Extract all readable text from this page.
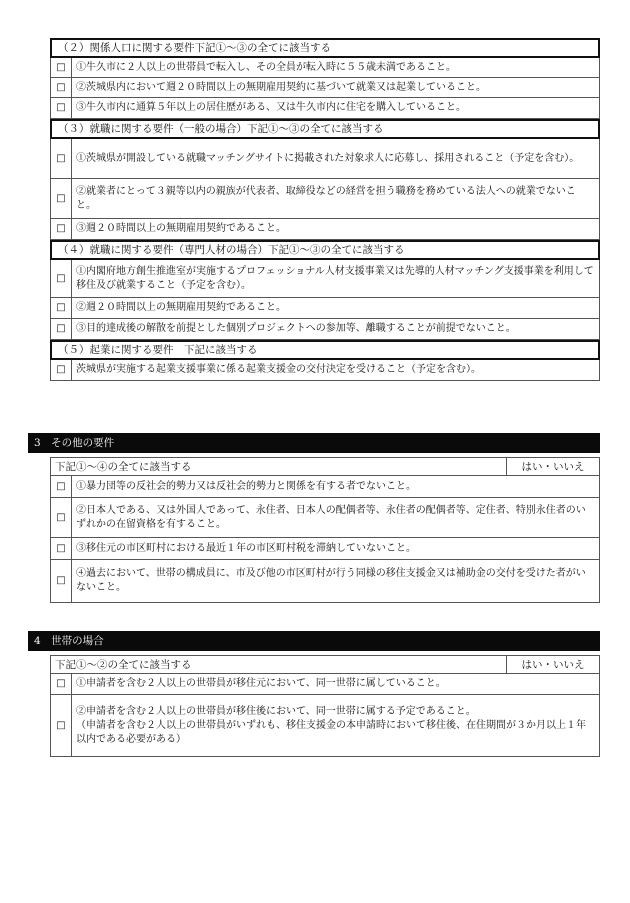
（２）関係人口に関する要件下記①～③の全てに該当する
□	①牛久市に２人以上の世帯員で転入し、その全員が転入時に５５歳未満であること。
□	②茨城県内において週２０時間以上の無期雇用契約に基づいて就業又は起業していること。
□	③牛久市内に通算５年以上の居住歴がある、又は牛久市内に住宅を購入していること。
（３）就職に関する要件（一般の場合）下記①～③の全てに該当する
□	①茨城県が開設している就職マッチングサイトに掲載された対象求人に応募し、採用されること（予定を含む）。
□	②就業者にとって３親等以内の親族が代表者、取締役などの経営を担う職務を務めている法人への就業でないこと。
□	③週２０時間以上の無期雇用契約であること。
（４）就職に関する要件（専門人材の場合）下記①～③の全てに該当する
□	①内閣府地方創生推進室が実施するプロフェッショナル人材支援事業又は先導的人材マッチング支援事業を利用して移住及び就業すること（予定を含む）。
□	②週２０時間以上の無期雇用契約であること。
□	③目的達成後の解散を前提とした個別プロジェクトへの参加等、離職することが前提でないこと。
（５）起業に関する要件　下記に該当する
□	茨城県が実施する起業支援事業に係る起業支援金の交付決定を受けること（予定を含む）。
3　その他の要件
下記①～④の全てに該当する	はい・いいえ
□	①暴力団等の反社会的勢力又は反社会的勢力と関係を有する者でないこと。
□	②日本人である、又は外国人であって、永住者、日本人の配偶者等、永住者の配偶者等、定住者、特別永住者のいずれかの在留資格を有すること。
□	③移住元の市区町村における最近１年の市区町村税を滞納していないこと。
□	④過去において、世帯の構成員に、市及び他の市区町村が行う同様の移住支援金又は補助金の交付を受けた者がいないこと。
4　世帯の場合
下記①～②の全てに該当する	はい・いいえ
□	①申請者を含む２人以上の世帯員が移住元において、同一世帯に属していること。
□	②申請者を含む２人以上の世帯員が移住後において、同一世帯に属する予定であること。
（申請者を含む２人以上の世帯員がいずれも、移住支援金の本申請時において移住後、在住期間が３か月以上１年以内である必要がある）
